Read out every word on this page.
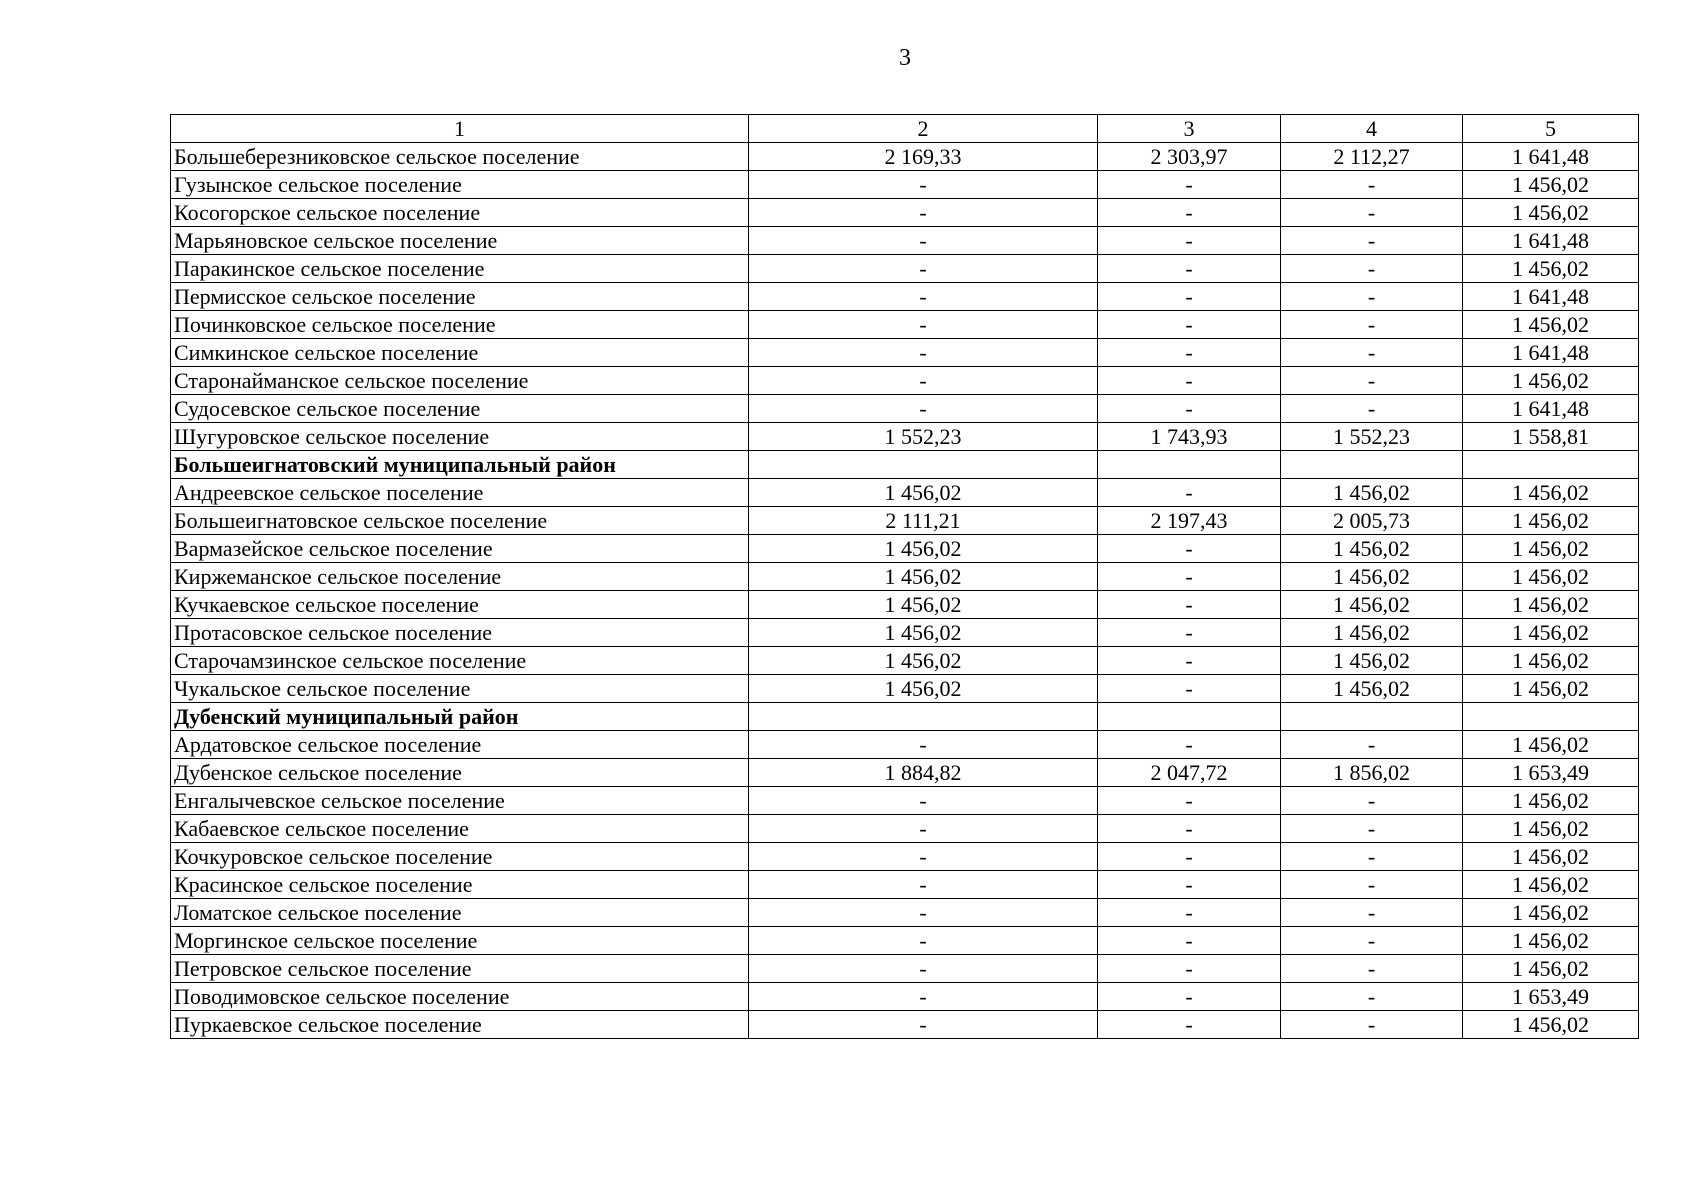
3
1	2	3	4	5
Большеберезниковское сельское поселение	2 169,33	2 303,97	2 112,27	1 641,48
Гузынское сельское поселение	-	-	-	1 456,02
Косогорское сельское поселение	-	-	-	1 456,02
Марьяновское сельское поселение	-	-	-	1 641,48
Паракинское сельское поселение	-	-	-	1 456,02
Пермисское сельское поселение	-	-	-	1 641,48
Починковское сельское поселение	-	-	-	1 456,02
Симкинское сельское поселение	-	-	-	1 641,48
Старонайманское сельское поселение	-	-	-	1 456,02
Судосевское сельское поселение	-	-	-	1 641,48
Шугуровское сельское поселение	1 552,23	1 743,93	1 552,23	1 558,81
Большеигнатовский муниципальный район				
Андреевское сельское поселение	1 456,02	-	1 456,02	1 456,02
Большеигнатовское сельское поселение	2 111,21	2 197,43	2 005,73	1 456,02
Вармазейское сельское поселение	1 456,02	-	1 456,02	1 456,02
Киржеманское сельское поселение	1 456,02	-	1 456,02	1 456,02
Кучкаевское сельское поселение	1 456,02	-	1 456,02	1 456,02
Протасовское сельское поселение	1 456,02	-	1 456,02	1 456,02
Старочамзинское сельское поселение	1 456,02	-	1 456,02	1 456,02
Чукальское сельское поселение	1 456,02	-	1 456,02	1 456,02
Дубенский муниципальный район				
Ардатовское сельское поселение	-	-	-	1 456,02
Дубенское сельское поселение	1 884,82	2 047,72	1 856,02	1 653,49
Енгалычевское сельское поселение	-	-	-	1 456,02
Кабаевское сельское поселение	-	-	-	1 456,02
Кочкуровское сельское поселение	-	-	-	1 456,02
Красинское сельское поселение	-	-	-	1 456,02
Ломатское сельское поселение	-	-	-	1 456,02
Моргинское сельское поселение	-	-	-	1 456,02
Петровское сельское поселение	-	-	-	1 456,02
Поводимовское сельское поселение	-	-	-	1 653,49
Пуркаевское сельское поселение	-	-	-	1 456,02
